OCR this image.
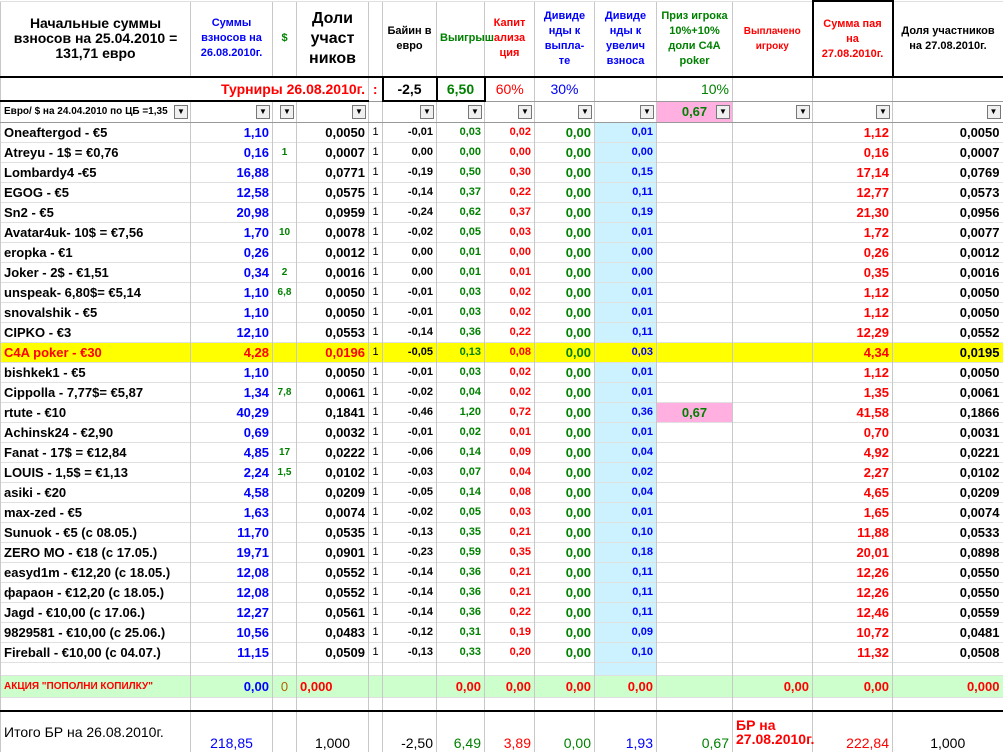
Начальные суммы взносов на 25.04.2010 = 131,71 евро	Суммы взносов на 26.08.2010г.	$	Доли участ ников		Байин в евро	Выигрыш	Капит ализа ция	Дивиде нды к выпла- те	Дивиде нды к увелич взноса	Приз игрока 10%+10% доли C4A poker	Выплачено игроку	Сумма пая на 27.08.2010г.	Доля участников на 27.08.2010г.
Турниры 26.08.2010г.				:	-2,5	6,50	60%	30%		10%			
Евро/ $ на 24.04.2010 по ЦБ =1,35 ▼	▼	▼	▼		▼	▼	▼	▼	▼	0,67 ▼	▼	▼	▼

Oneaftergod - €5	1,10		0,0050	1	-0,01	0,03	0,02	0,00	0,01			1,12	0,0050
Atreyu - 1$ = €0,76	0,16	1	0,0007	1	0,00	0,00	0,00	0,00	0,00			0,16	0,0007
Lombardy4 -€5	16,88		0,0771	1	-0,19	0,50	0,30	0,00	0,15			17,14	0,0769
EGOG - €5	12,58		0,0575	1	-0,14	0,37	0,22	0,00	0,11			12,77	0,0573
Sn2 - €5	20,98		0,0959	1	-0,24	0,62	0,37	0,00	0,19			21,30	0,0956
Avatar4uk- 10$ = €7,56	1,70	10	0,0078	1	-0,02	0,05	0,03	0,00	0,01			1,72	0,0077
eropka - €1	0,26		0,0012	1	0,00	0,01	0,00	0,00	0,00			0,26	0,0012
Joker - 2$ - €1,51	0,34	2	0,0016	1	0,00	0,01	0,01	0,00	0,00			0,35	0,0016
unspeak- 6,80$= €5,14	1,10	6,8	0,0050	1	-0,01	0,03	0,02	0,00	0,01			1,12	0,0050
snovalshik - €5	1,10		0,0050	1	-0,01	0,03	0,02	0,00	0,01			1,12	0,0050
CIPKO - €3	12,10		0,0553	1	-0,14	0,36	0,22	0,00	0,11			12,29	0,0552
C4A poker - €30	4,28		0,0196	1	-0,05	0,13	0,08	0,00	0,03			4,34	0,0195
bishkek1 - €5	1,10		0,0050	1	-0,01	0,03	0,02	0,00	0,01			1,12	0,0050
Cippolla - 7,77$= €5,87	1,34	7,8	0,0061	1	-0,02	0,04	0,02	0,00	0,01			1,35	0,0061
rtute - €10	40,29		0,1841	1	-0,46	1,20	0,72	0,00	0,36	0,67		41,58	0,1866
Achinsk24 - €2,90	0,69		0,0032	1	-0,01	0,02	0,01	0,00	0,01			0,70	0,0031
Fanat - 17$ = €12,84	4,85	17	0,0222	1	-0,06	0,14	0,09	0,00	0,04			4,92	0,0221
LOUIS - 1,5$ = €1,13	2,24	1,5	0,0102	1	-0,03	0,07	0,04	0,00	0,02			2,27	0,0102
asiki - €20	4,58		0,0209	1	-0,05	0,14	0,08	0,00	0,04			4,65	0,0209
max-zed - €5	1,63		0,0074	1	-0,02	0,05	0,03	0,00	0,01			1,65	0,0074
Sunuok - €5 (с 08.05.)	11,70		0,0535	1	-0,13	0,35	0,21	0,00	0,10			11,88	0,0533
ZERO MO - €18 (с 17.05.)	19,71		0,0901	1	-0,23	0,59	0,35	0,00	0,18			20,01	0,0898
easyd1m - €12,20 (с 18.05.)	12,08		0,0552	1	-0,14	0,36	0,21	0,00	0,11			12,26	0,0550
фараон - €12,20 (с 18.05.)	12,08		0,0552	1	-0,14	0,36	0,21	0,00	0,11			12,26	0,0550
Jagd - €10,00 (с 17.06.)	12,27		0,0561	1	-0,14	0,36	0,22	0,00	0,11			12,46	0,0559
9829581 - €10,00 (с 25.06.)	10,56		0,0483	1	-0,12	0,31	0,19	0,00	0,09			10,72	0,0481
Fireball - €10,00 (с 04.07.)	11,15		0,0509	1	-0,13	0,33	0,20	0,00	0,10			11,32	0,0508

АКЦИЯ "ПОПОЛНИ КОПИЛКУ"	0,00	0	0,000			0,00	0,00	0,00	0,00		0,00	0,00	0,000

Итого БР на 26.08.2010г.	218,85		1,000		-2,50	6,49	3,89	0,00	1,93	0,67	БР на 27.08.2010г.	222,84	1,000
